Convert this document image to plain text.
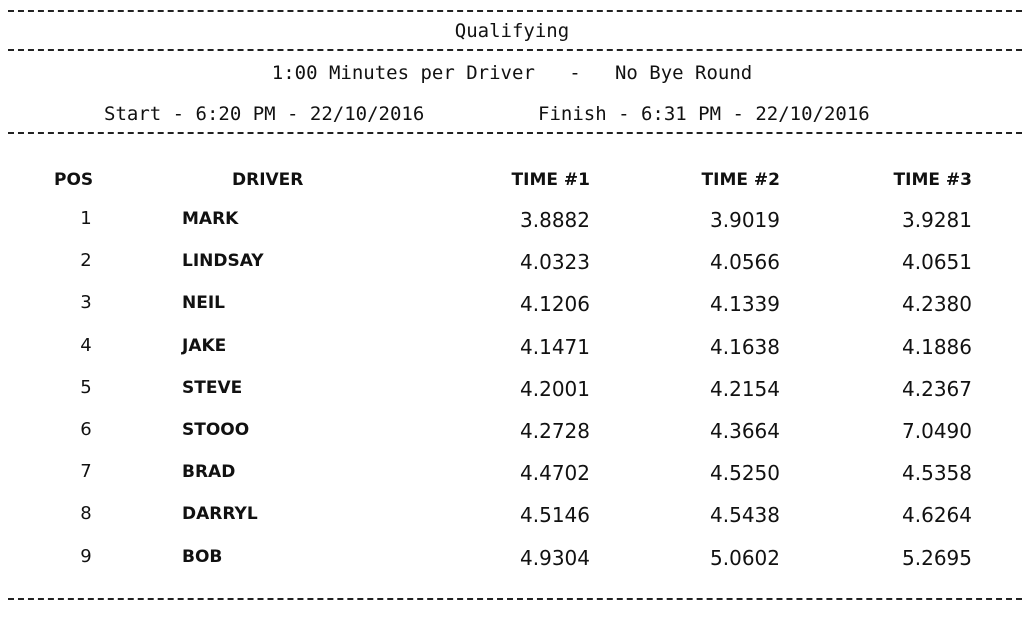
Qualifying
1:00 Minutes per Driver   -   No Bye Round
Start - 6:20 PM - 22/10/2016	Finish - 6:31 PM - 22/10/2016
POS	DRIVER	TIME #1	TIME #2	TIME #3
1	MARK	3.8882	3.9019	3.9281
2	LINDSAY	4.0323	4.0566	4.0651
3	NEIL	4.1206	4.1339	4.2380
4	JAKE	4.1471	4.1638	4.1886
5	STEVE	4.2001	4.2154	4.2367
6	STOOO	4.2728	4.3664	7.0490
7	BRAD	4.4702	4.5250	4.5358
8	DARRYL	4.5146	4.5438	4.6264
9	BOB	4.9304	5.0602	5.2695
